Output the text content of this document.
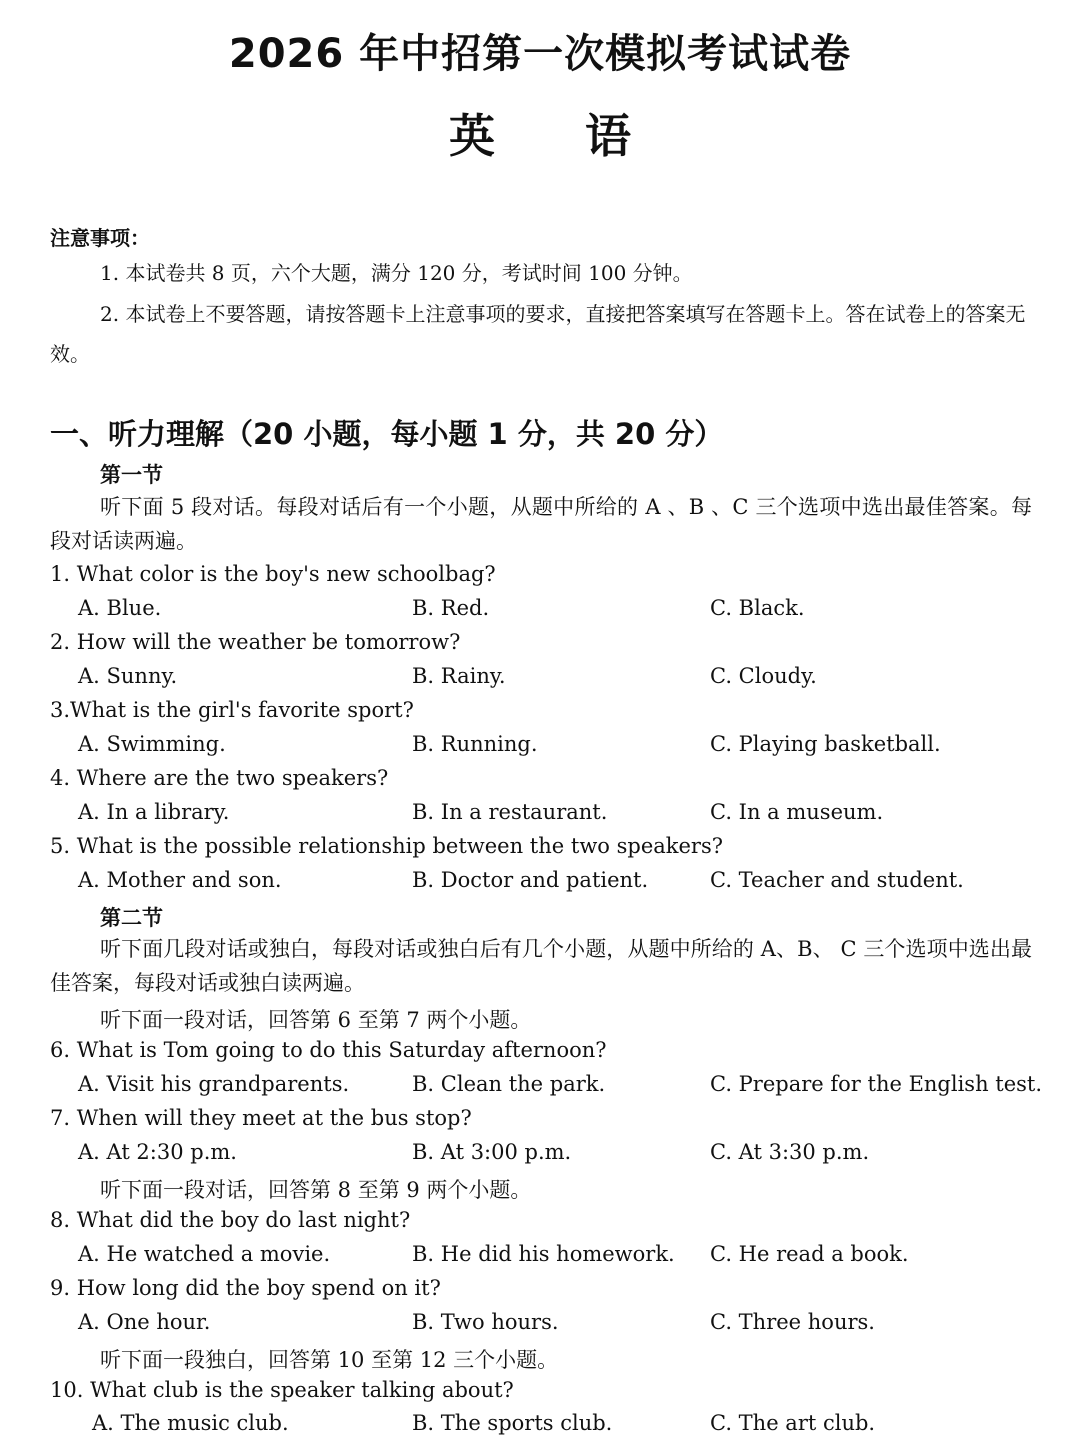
2026 年中招第一次模拟考试试卷
英语
注意事项：
1. 本试卷共 8 页，六个大题，满分 120 分，考试时间 100 分钟。
2. 本试卷上不要答题，请按答题卡上注意事项的要求，直接把答案填写在答题卡上。答在试卷上的答案无效。
一、听力理解（20 小题，每小题 1 分，共 20 分）
第一节
听下面 5 段对话。每段对话后有一个小题，从题中所给的 A 、B 、C 三个选项中选出最佳答案。每段对话读两遍。
1. What color is the boy's new schoolbag?
A. Blue.	B. Red.	C. Black.
2. How will the weather be tomorrow?
A. Sunny.	B. Rainy.	C. Cloudy.
3.What is the girl's favorite sport?
A. Swimming.	B. Running.	C. Playing basketball.
4. Where are the two speakers?
A. In a library.	B. In a restaurant.	C. In a museum.
5. What is the possible relationship between the two speakers?
A. Mother and son.	B. Doctor and patient.	C. Teacher and student.
第二节
听下面几段对话或独白，每段对话或独白后有几个小题，从题中所给的 A、B、 C 三个选项中选出最佳答案，每段对话或独白读两遍。
听下面一段对话，回答第 6 至第 7 两个小题。
6. What is Tom going to do this Saturday afternoon?
A. Visit his grandparents.	B. Clean the park.	C. Prepare for the English test.
7. When will they meet at the bus stop?
A. At 2:30 p.m.	B. At 3:00 p.m.	C. At 3:30 p.m.
听下面一段对话，回答第 8 至第 9 两个小题。
8. What did the boy do last night?
A. He watched a movie.	B. He did his homework. C. He read a book.
9. How long did the boy spend on it?
A. One hour.	B. Two hours.	C. Three hours.
听下面一段独白，回答第 10 至第 12 三个小题。
10. What club is the speaker talking about?
A. The music club.	B. The sports club.	C. The art club.
